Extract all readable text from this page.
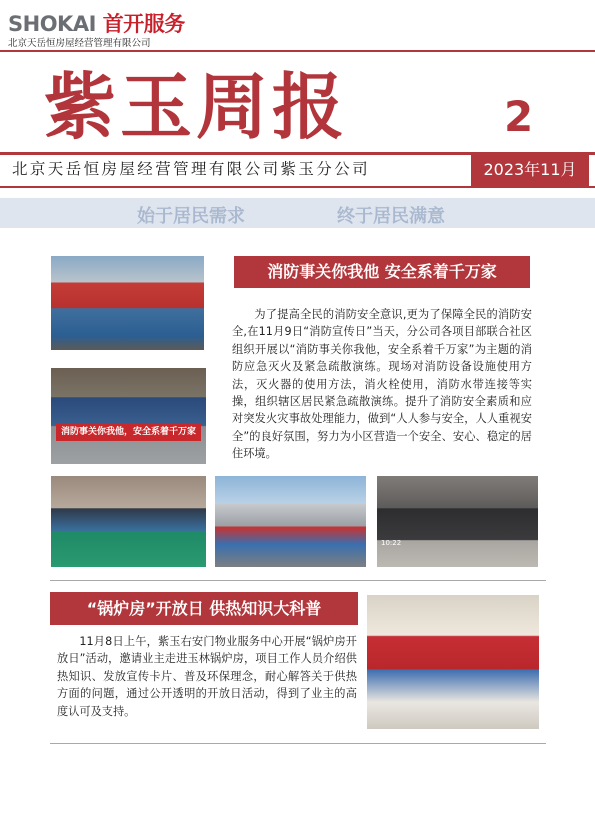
SHOKAI 首开服务
北京天岳恒房屋经营管理有限公司
紫玉周报	2
北京天岳恒房屋经营管理有限公司紫玉分公司	2023年11月
始于居民需求	终于居民满意
消防事关你我他，安全系着千万家
10:22
消防事关你我他 安全系着千万家
为了提高全民的消防安全意识,更为了保障全民的消防安全,在11月9日“消防宣传日”当天，分公司各项目部联合社区组织开展以“消防事关你我他，安全系着千万家”为主题的消防应急灭火及紧急疏散演练。现场对消防设备设施使用方法，灭火器的使用方法，消火栓使用，消防水带连接等实操，组织辖区居民紧急疏散演练。提升了消防安全素质和应对突发火灾事故处理能力，做到“人人参与安全，人人重视安全”的良好氛围，努力为小区营造一个安全、安心、稳定的居住环境。
“锅炉房”开放日 供热知识大科普
11月8日上午，紫玉右安门物业服务中心开展“锅炉房开放日”活动，邀请业主走进玉林锅炉房，项目工作人员介绍供热知识、发放宣传卡片、普及环保理念，耐心解答关于供热方面的问题，通过公开透明的开放日活动，得到了业主的高度认可及支持。
